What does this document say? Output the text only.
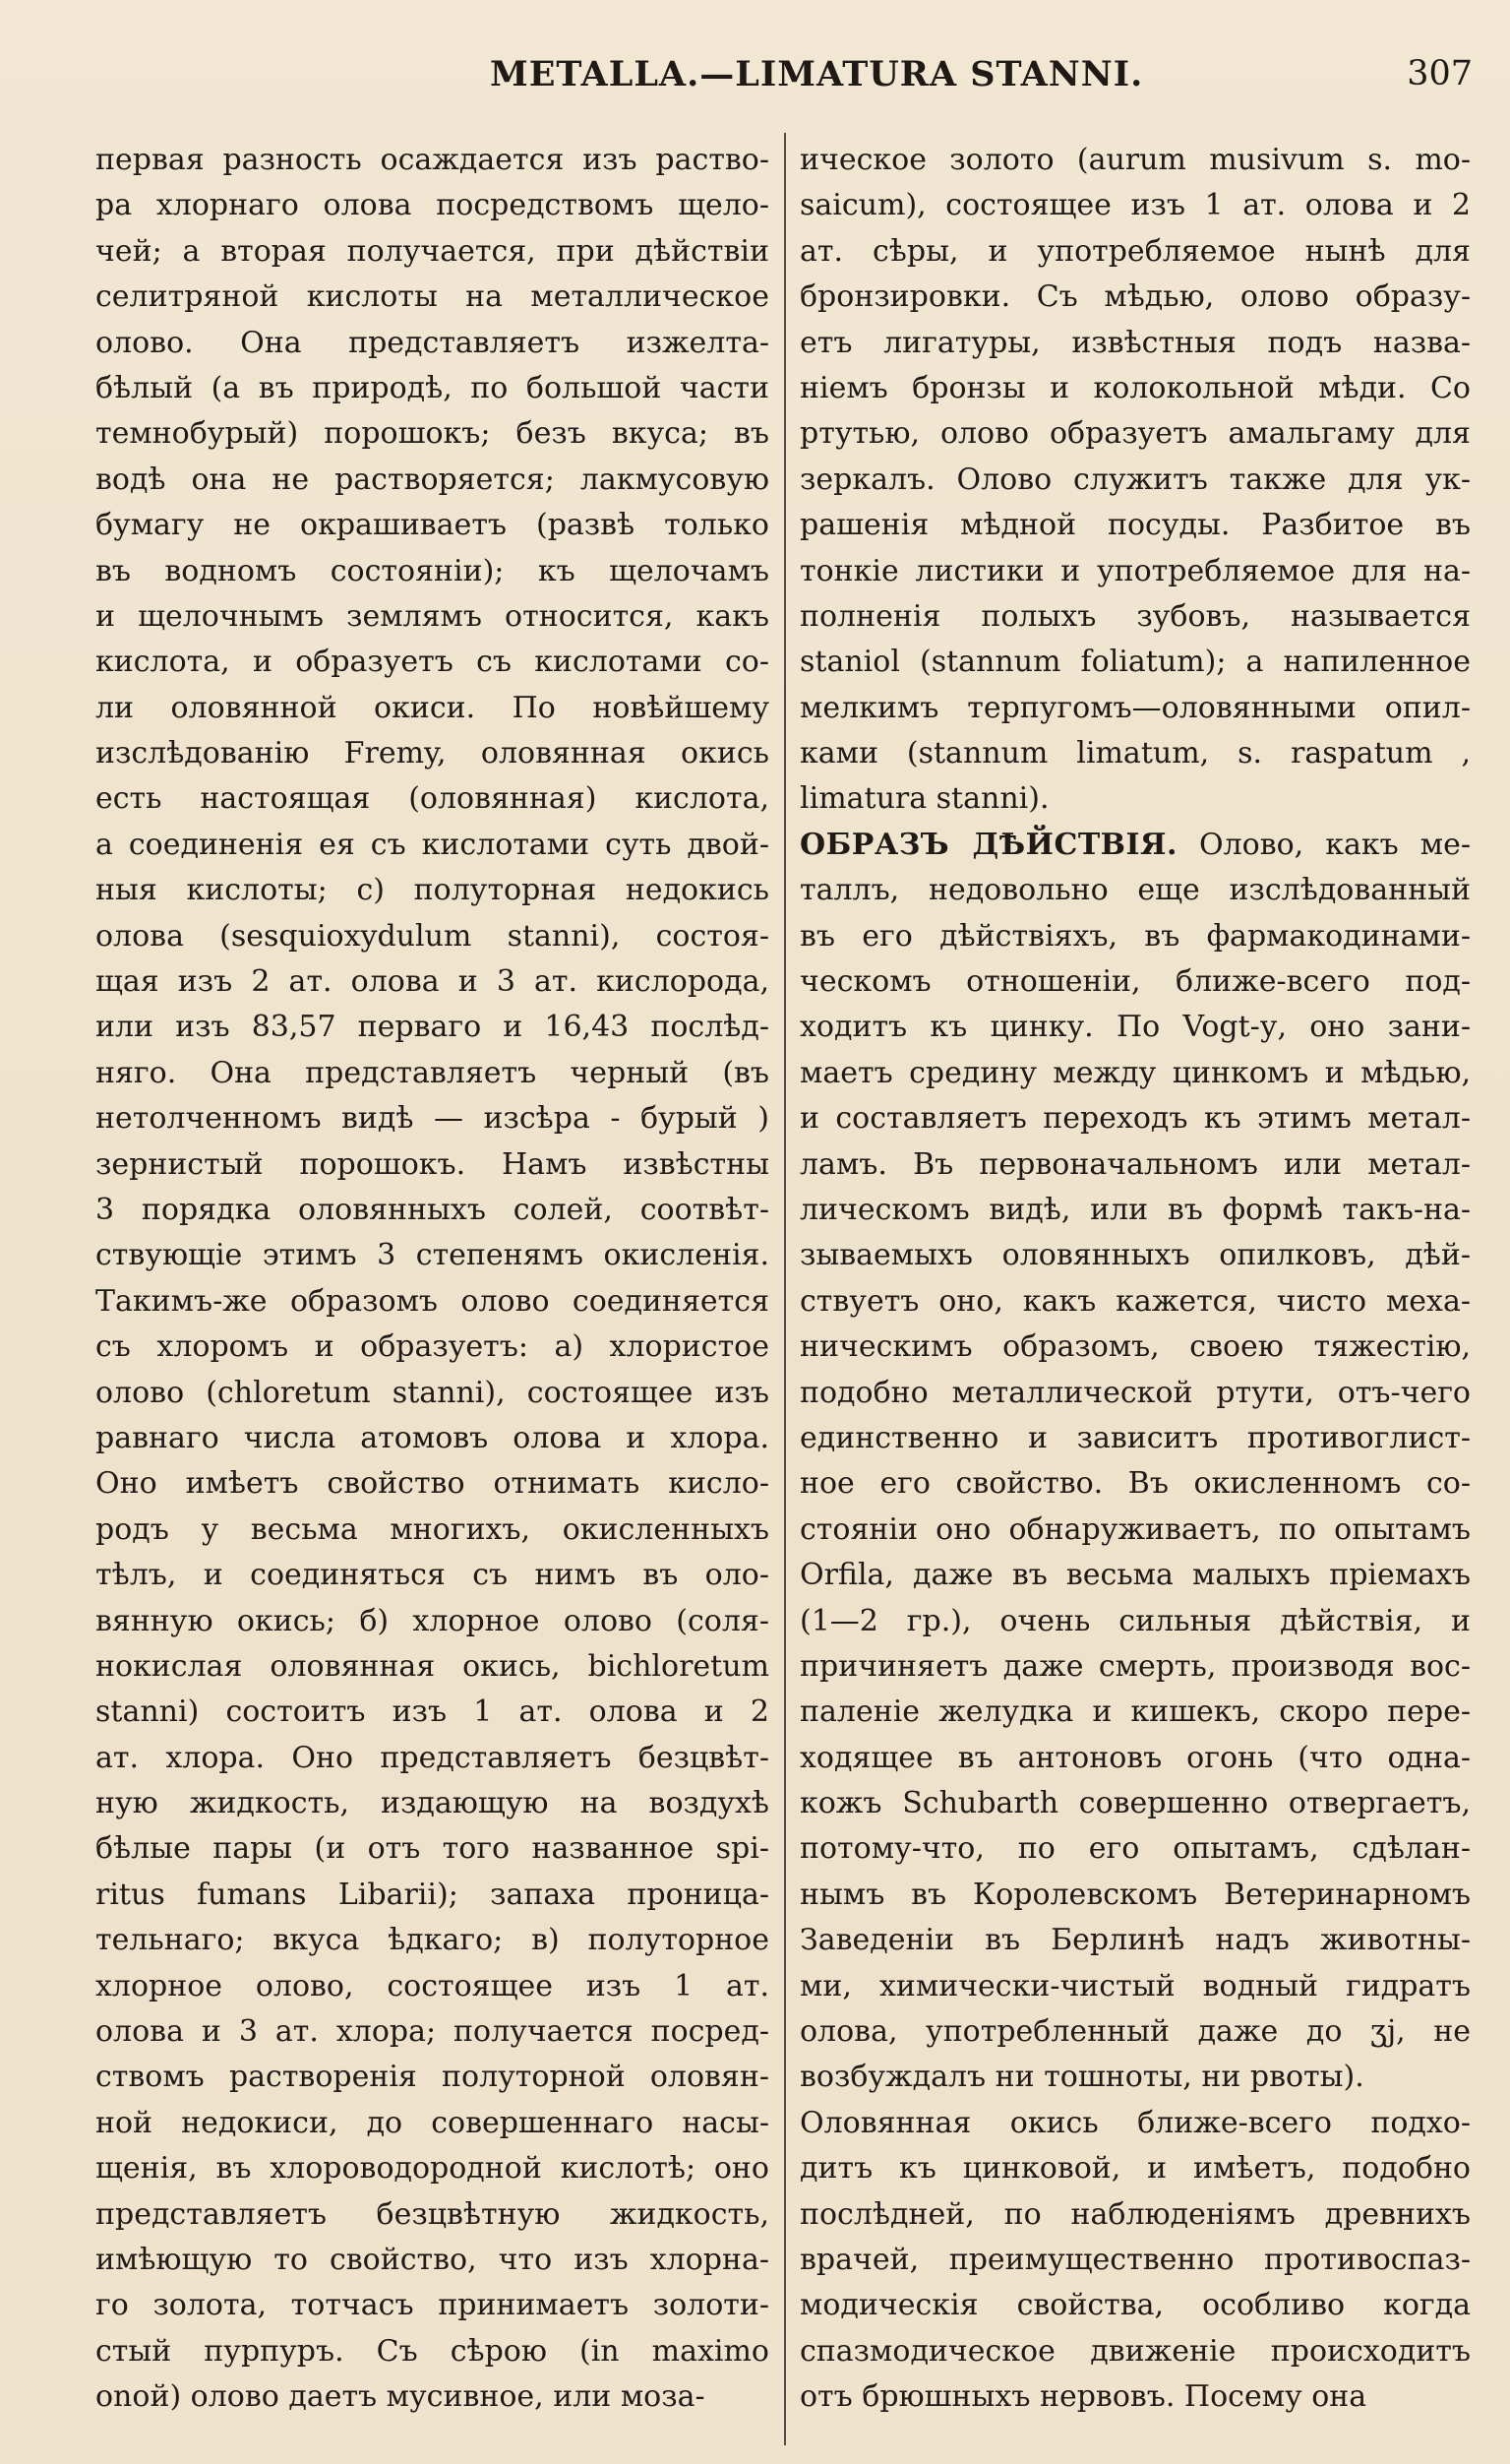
METALLA.—LIMATURA STANNI.	307
первая разность осаждается изъ раство-
ра хлорнаго олова посредствомъ щело-
чей; а вторая получается, при дѣйствіи
селитряной кислоты на металлическое
олово. Она представляетъ изжелта-
бѣлый (а въ природѣ, по большой части
темнобурый) порошокъ; безъ вкуса; въ
водѣ она не растворяется; лакмусовую
бумагу не окрашиваетъ (развѣ только
въ водномъ состояніи); къ щелочамъ
и щелочнымъ землямъ относится, какъ
кислота, и образуетъ съ кислотами со-
ли оловянной окиси. По новѣйшему
изслѣдованію Fremy, оловянная окись
есть настоящая (оловянная) кислота,
а соединенія ея съ кислотами суть двой-
ныя кислоты; c) полуторная недокись
олова (sesquioxydulum stanni), состоя-
щая изъ 2 ат. олова и 3 ат. кислорода,
или изъ 83,57 перваго и 16,43 послѣд-
няго. Она представляетъ черный (въ
нетолченномъ видѣ — изсѣра - бурый )
зернистый порошокъ. Намъ извѣстны
3 порядка оловянныхъ солей, соотвѣт-
ствующіе этимъ 3 степенямъ окисленія.
Такимъ-же образомъ олово соединяется
съ хлоромъ и образуетъ: а) хлористое
олово (chloretum stanni), состоящее изъ
равнаго числа атомовъ олова и хлора.
Оно имѣетъ свойство отнимать кисло-
родъ у весьма многихъ, окисленныхъ
тѣлъ, и соединяться съ нимъ въ оло-
вянную окись; б) хлорное олово (соля-
нокислая оловянная окись, bichloretum
stanni) состоитъ изъ 1 ат. олова и 2
ат. хлора. Оно представляетъ безцвѣт-
ную жидкость, издающую на воздухѣ
бѣлые пары (и отъ того названное spi-
ritus fumans Libarii); запаха проница-
тельнаго; вкуса ѣдкаго; в) полуторное
хлорное олово, состоящее изъ 1 ат.
олова и 3 ат. хлора; получается посред-
ствомъ растворенія полуторной оловян-
ной недокиси, до совершеннаго насы-
щенія, въ хлороводородной кислотѣ; оно
представляетъ безцвѣтную жидкость,
имѣющую то свойство, что изъ хлорна-
го золота, тотчасъ принимаетъ золоти-
стый пурпуръ. Съ сѣрою (in maximo
onoй) олово даетъ мусивное, или моза-
ическое золото (aurum musivum s. mo-
saicum), состоящее изъ 1 ат. олова и 2
ат. сѣры, и употребляемое нынѣ для
бронзировки. Съ мѣдью, олово образу-
етъ лигатуры, извѣстныя подъ назва-
ніемъ бронзы и колокольной мѣди. Со
ртутью, олово образуетъ амальгаму для
зеркалъ. Олово служитъ также для ук-
рашенія мѣдной посуды. Разбитое въ
тонкіе листики и употребляемое для на-
полненія полыхъ зубовъ, называется
staniol (stannum foliatum); а напиленное
мелкимъ терпугомъ—оловянными опил-
ками (stannum limatum, s. raspatum ,
limatura stanni).
ОБРАЗЪ ДѢЙСТВІЯ. Олово, какъ ме-
таллъ, недовольно еще изслѣдованный
въ его дѣйствіяхъ, въ фармакодинами-
ческомъ отношеніи, ближе-всего под-
ходитъ къ цинку. По Vogt-у, оно зани-
маетъ средину между цинкомъ и мѣдью,
и составляетъ переходъ къ этимъ метал-
ламъ. Въ первоначальномъ или метал-
лическомъ видѣ, или въ формѣ такъ-на-
зываемыхъ оловянныхъ опилковъ, дѣй-
ствуетъ оно, какъ кажется, чисто меха-
ническимъ образомъ, своею тяжестію,
подобно металлической ртути, отъ-чего
единственно и зависитъ противоглист-
ное его свойство. Въ окисленномъ со-
стояніи оно обнаруживаетъ, по опытамъ
Orfila, даже въ весьма малыхъ пріемахъ
(1—2 гр.), очень сильныя дѣйствія, и
причиняетъ даже смерть, производя вос-
паленіе желудка и кишекъ, скоро пере-
ходящее въ антоновъ огонь (что одна-
кожъ Schubarth совершенно отвергаетъ,
потому-что, по его опытамъ, сдѣлан-
нымъ въ Королевскомъ Ветеринарномъ
Заведеніи въ Берлинѣ надъ животны-
ми, химически-чистый водный гидратъ
олова, употребленный даже до ʒj, не
возбуждалъ ни тошноты, ни рвоты).
Оловянная окись ближе-всего подхо-
дитъ къ цинковой, и имѣетъ, подобно
послѣдней, по наблюденіямъ древнихъ
врачей, преимущественно противоспаз-
модическія свойства, особливо когда
спазмодическое движеніе происходитъ
отъ брюшныхъ нервовъ. Посему она
